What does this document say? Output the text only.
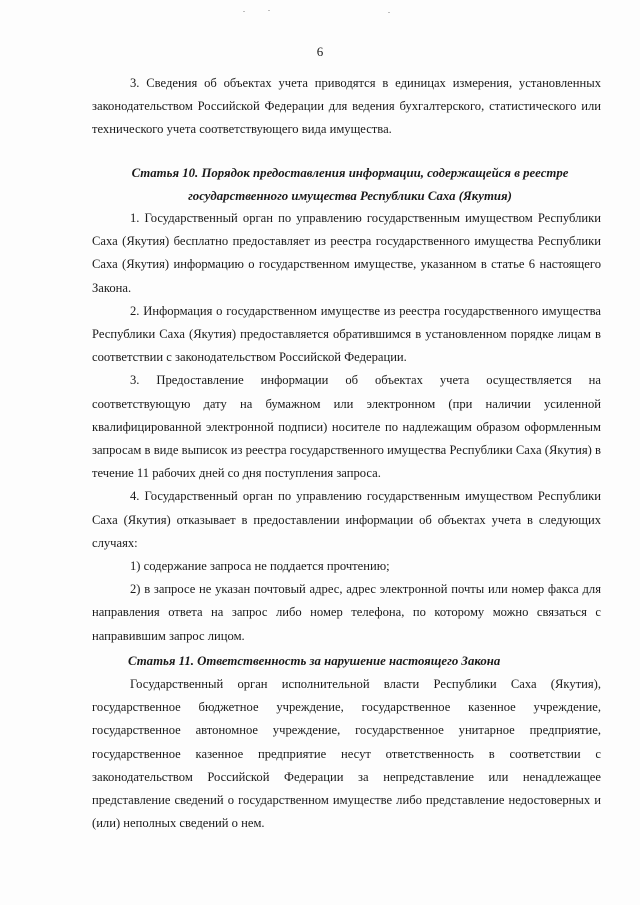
6

3. Сведения об объектах учета приводятся в единицах измерения, установленных законодательством Российской Федерации для ведения бухгалтерского, статистического или технического учета соответствующего вида имущества.

Статья 10. Порядок предоставления информации, содержащейся в реестре государственного имущества Республики Саха (Якутия)

1. Государственный орган по управлению государственным имуществом Республики Саха (Якутия) бесплатно предоставляет из реестра государственного имущества Республики Саха (Якутия) информацию о государственном имуществе, указанном в статье 6 настоящего Закона.

2. Информация о государственном имуществе из реестра государственного имущества Республики Саха (Якутия) предоставляется обратившимся в установленном порядке лицам в соответствии с законодательством Российской Федерации.

3. Предоставление информации об объектах учета осуществляется на соответствующую дату на бумажном или электронном (при наличии усиленной квалифицированной электронной подписи) носителе по надлежащим образом оформленным запросам в виде выписок из реестра государственного имущества Республики Саха (Якутия) в течение 11 рабочих дней со дня поступления запроса.

4. Государственный орган по управлению государственным имуществом Республики Саха (Якутия) отказывает в предоставлении информации об объектах учета в следующих случаях:

1) содержание запроса не поддается прочтению;

2) в запросе не указан почтовый адрес, адрес электронной почты или номер факса для направления ответа на запрос либо номер телефона, по которому можно связаться с направившим запрос лицом.

Статья 11. Ответственность за нарушение настоящего Закона

Государственный орган исполнительной власти Республики Саха (Якутия), государственное бюджетное учреждение, государственное казенное учреждение, государственное автономное учреждение, государственное унитарное предприятие, государственное казенное предприятие несут ответственность в соответствии с законодательством Российской Федерации за непредставление или ненадлежащее представление сведений о государственном имуществе либо представление недостоверных и (или) неполных сведений о нем.
